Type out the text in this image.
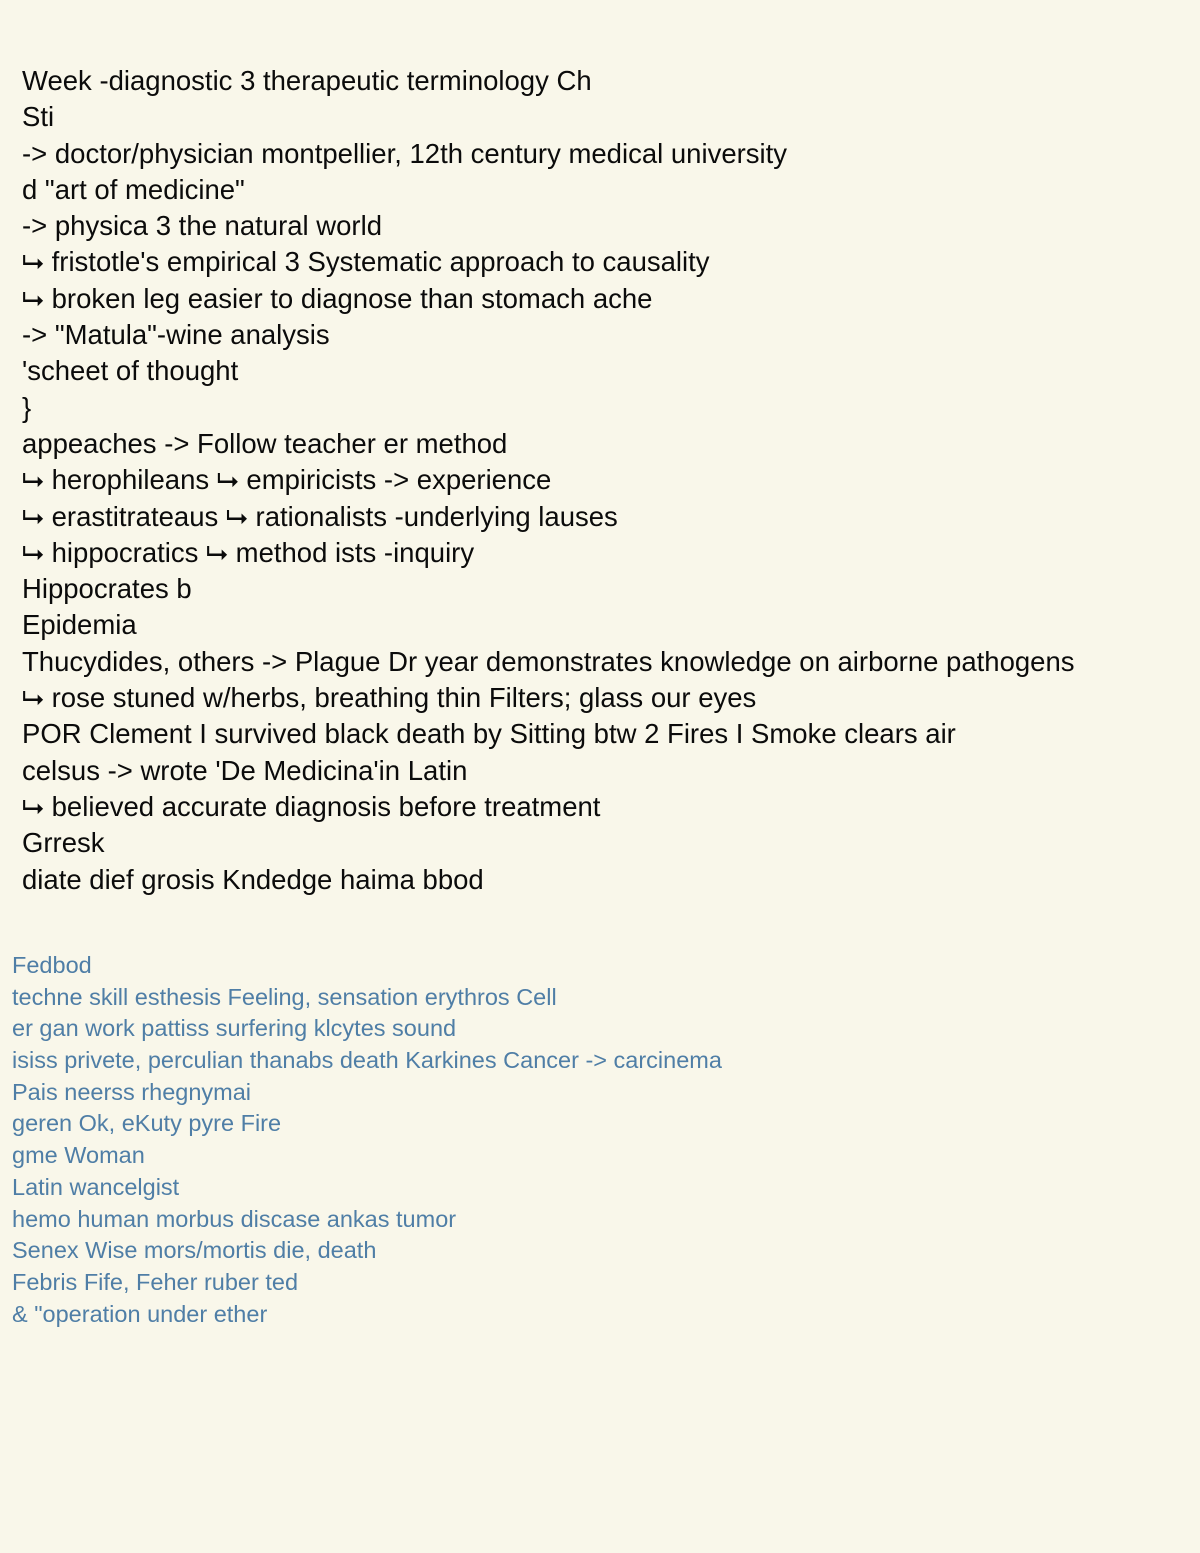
Week -diagnostic 3 therapeutic terminology Ch
Sti
-> doctor/physician montpellier, 12th century medical university
d "art of medicine"
-> physica 3 the natural world
⮡ fristotle's empirical 3 Systematic approach to causality
⮡ broken leg easier to diagnose than stomach ache
-> "Matula"-wine analysis
'scheet of thought
}
appeaches -> Follow teacher er method
⮡ herophileans ⮡ empiricists -> experience
⮡ erastitrateaus ⮡ rationalists -underlying lauses
⮡ hippocratics ⮡ method ists -inquiry
Hippocrates b
Epidemia
Thucydides, others -> Plague Dr year demonstrates knowledge on airborne pathogens
⮡ rose stuned w/herbs, breathing thin Filters; glass our eyes
POR Clement I survived black death by Sitting btw 2 Fires I Smoke clears air
celsus -> wrote 'De Medicina'in Latin
⮡ believed accurate diagnosis before treatment
Grresk
diate dief grosis Kndedge haima bbod
Fedbod
techne skill esthesis Feeling, sensation erythros Cell
er gan work pattiss surfering klcytes sound
isiss privete, perculian thanabs death Karkines Cancer -> carcinema
Pais neerss rhegnymai
geren Ok, eKuty pyre Fire
gme Woman
Latin wancelgist
hemo human morbus discase ankas tumor
Senex Wise mors/mortis die, death
Febris Fife, Feher ruber ted
& "operation under ether
